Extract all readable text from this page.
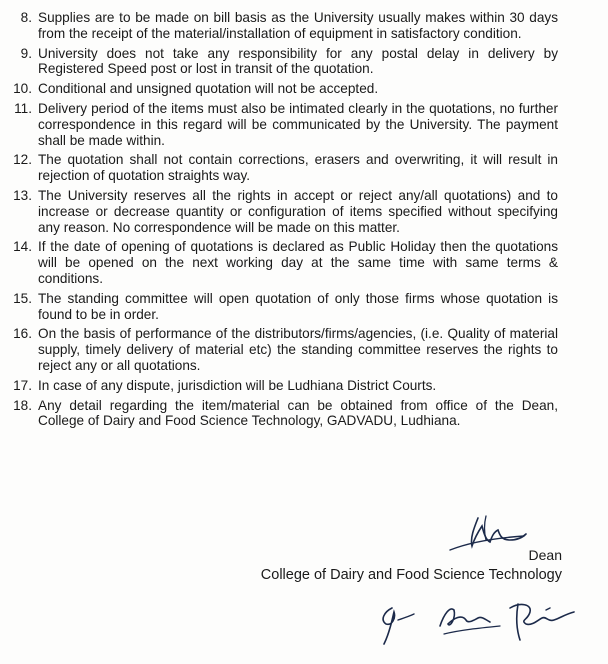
8. Supplies are to be made on bill basis as the University usually makes within 30 days from the receipt of the material/installation of equipment in satisfactory condition.
9. University does not take any responsibility for any postal delay in delivery by Registered Speed post or lost in transit of the quotation.
10. Conditional and unsigned quotation will not be accepted.
11. Delivery period of the items must also be intimated clearly in the quotations, no further correspondence in this regard will be communicated by the University. The payment shall be made within.
12. The quotation shall not contain corrections, erasers and overwriting, it will result in rejection of quotation straights way.
13. The University reserves all the rights in accept or reject any/all quotations) and to increase or decrease quantity or configuration of items specified without specifying any reason. No correspondence will be made on this matter.
14. If the date of opening of quotations is declared as Public Holiday then the quotations will be opened on the next working day at the same time with same terms & conditions.
15. The standing committee will open quotation of only those firms whose quotation is found to be in order.
16. On the basis of performance of the distributors/firms/agencies, (i.e. Quality of material supply, timely delivery of material etc) the standing committee reserves the rights to reject any or all quotations.
17. In case of any dispute, jurisdiction will be Ludhiana District Courts.
18. Any detail regarding the item/material can be obtained from office of the Dean, College of Dairy and Food Science Technology, GADVADU, Ludhiana.
Dean
College of Dairy and Food Science Technology
